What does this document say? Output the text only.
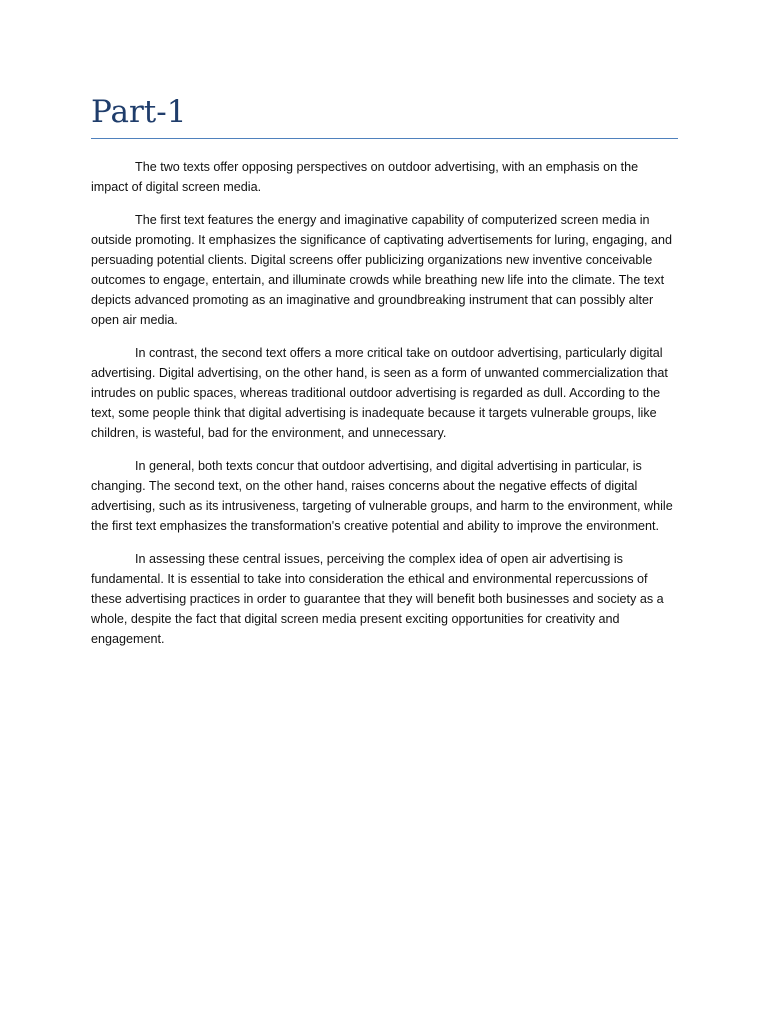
Part-1

The two texts offer opposing perspectives on outdoor advertising, with an emphasis on the impact of digital screen media.

The first text features the energy and imaginative capability of computerized screen media in outside promoting. It emphasizes the significance of captivating advertisements for luring, engaging, and persuading potential clients. Digital screens offer publicizing organizations new inventive conceivable outcomes to engage, entertain, and illuminate crowds while breathing new life into the climate. The text depicts advanced promoting as an imaginative and groundbreaking instrument that can possibly alter open air media.

In contrast, the second text offers a more critical take on outdoor advertising, particularly digital advertising. Digital advertising, on the other hand, is seen as a form of unwanted commercialization that intrudes on public spaces, whereas traditional outdoor advertising is regarded as dull. According to the text, some people think that digital advertising is inadequate because it targets vulnerable groups, like children, is wasteful, bad for the environment, and unnecessary.

In general, both texts concur that outdoor advertising, and digital advertising in particular, is changing. The second text, on the other hand, raises concerns about the negative effects of digital advertising, such as its intrusiveness, targeting of vulnerable groups, and harm to the environment, while the first text emphasizes the transformation's creative potential and ability to improve the environment.

In assessing these central issues, perceiving the complex idea of open air advertising is fundamental. It is essential to take into consideration the ethical and environmental repercussions of these advertising practices in order to guarantee that they will benefit both businesses and society as a whole, despite the fact that digital screen media present exciting opportunities for creativity and engagement.
